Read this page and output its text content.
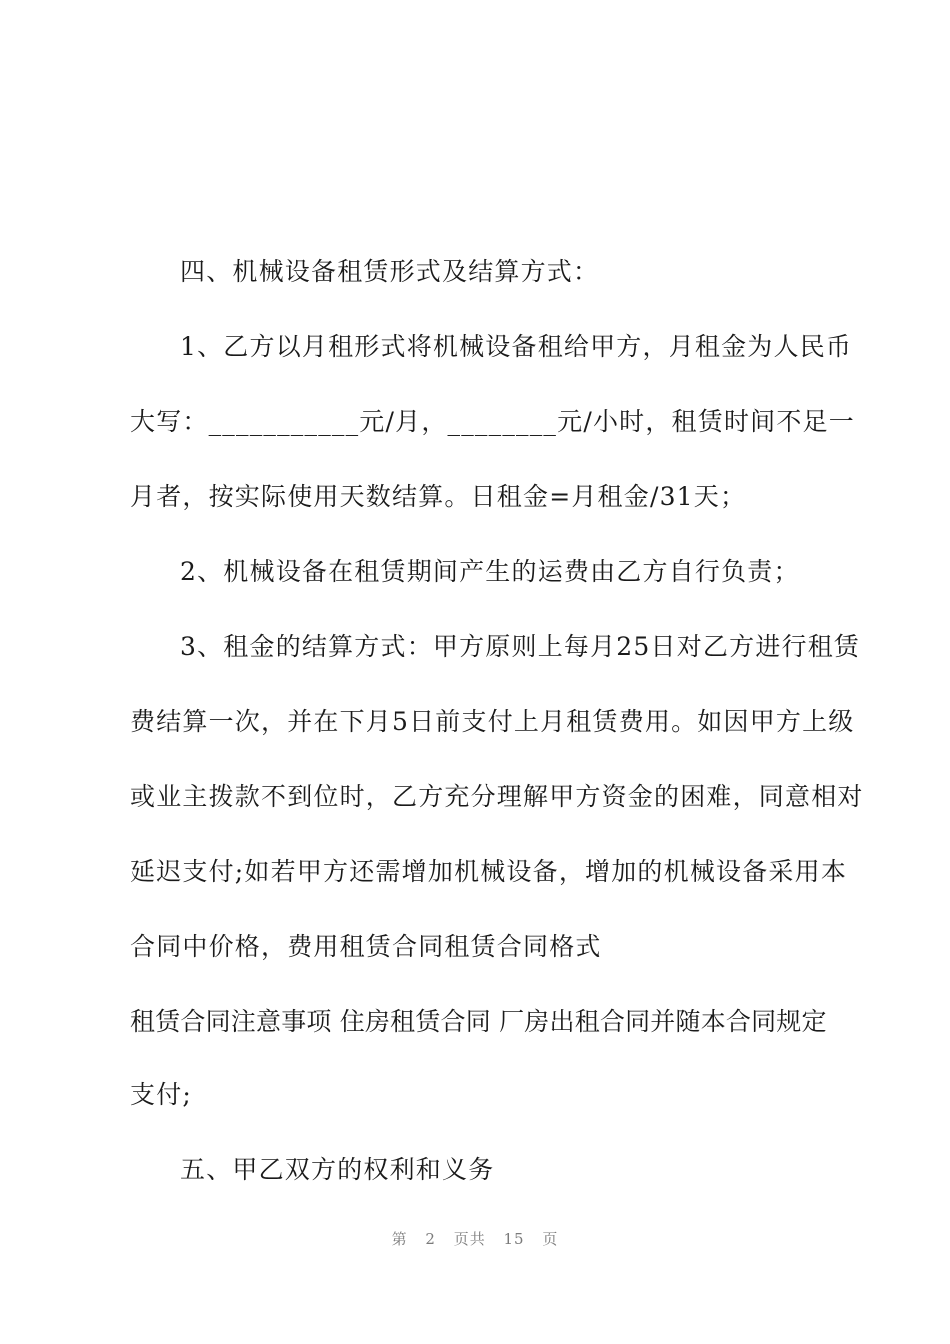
四、机械设备租赁形式及结算方式：
1、乙方以月租形式将机械设备租给甲方，月租金为人民币
大写：___________元/月，________元/小时，租赁时间不足一
月者，按实际使用天数结算。日租金=月租金/31天；
2、机械设备在租赁期间产生的运费由乙方自行负责；
3、租金的结算方式：甲方原则上每月25日对乙方进行租赁
费结算一次，并在下月5日前支付上月租赁费用。如因甲方上级
或业主拨款不到位时，乙方充分理解甲方资金的困难，同意相对
延迟支付;如若甲方还需增加机械设备，增加的机械设备采用本
合同中价格，费用租赁合同租赁合同格式
租赁合同注意事项 住房租赁合同 厂房出租合同并随本合同规定
支付;
五、甲乙双方的权利和义务
第 2 页共 15 页
